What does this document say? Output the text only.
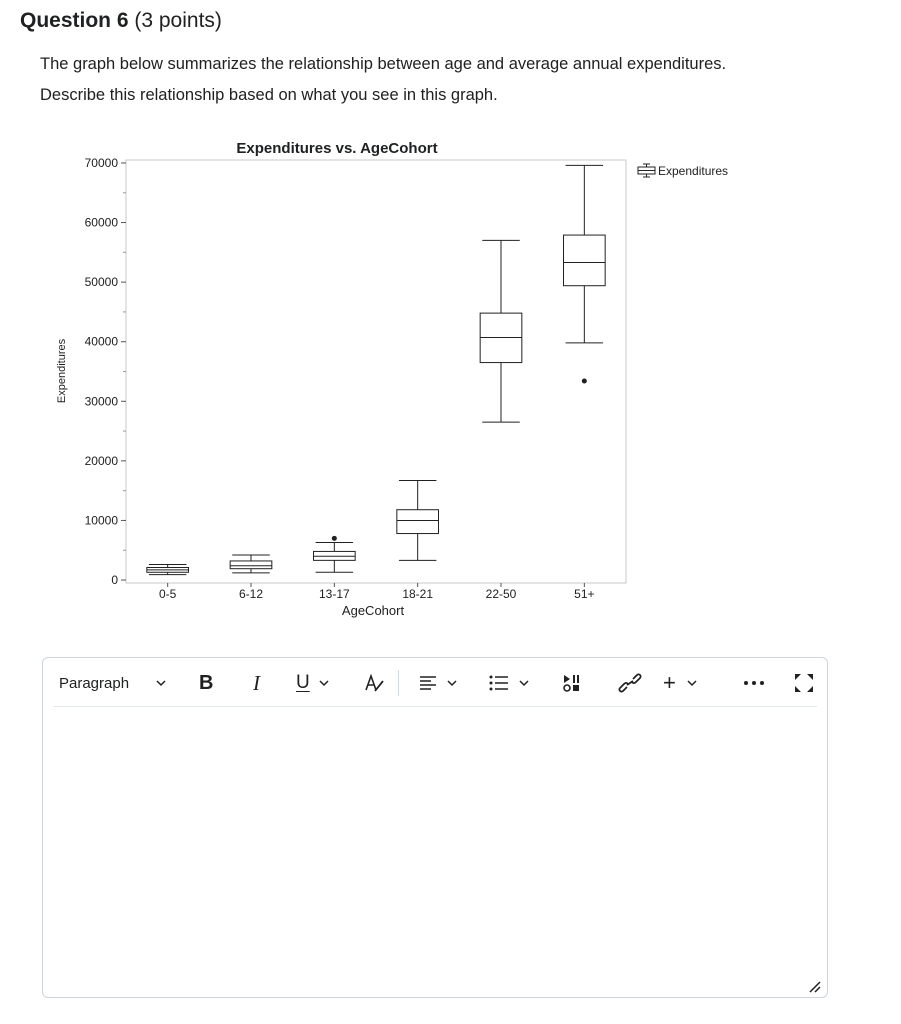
Question 6 (3 points)
The graph below summarizes the relationship between age and average annual expenditures.
Describe this relationship based on what you see in this graph.
Expenditures vs. AgeCohort
Expenditures
AgeCohort
Expenditures
0
10000
20000
30000
40000
50000
60000
70000
0-5	6-12	13-17	18-21	22-50	51+
Paragraph	B I U	+
